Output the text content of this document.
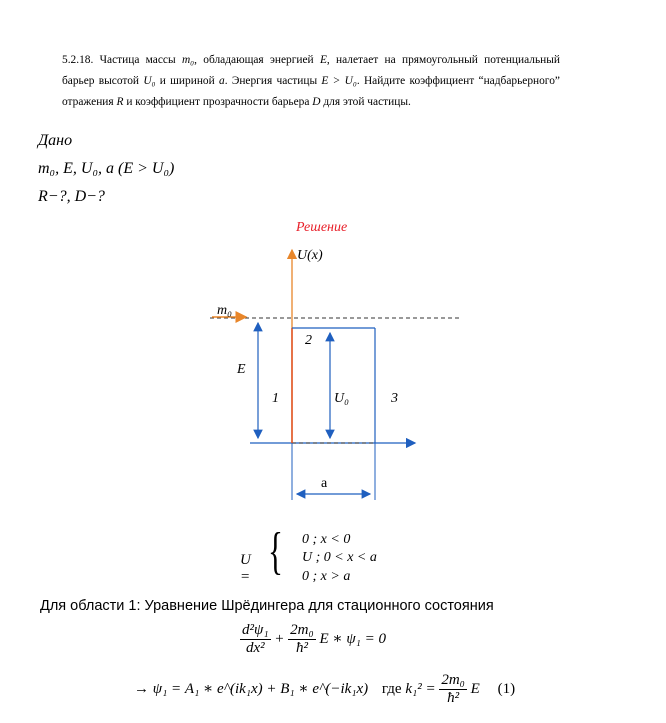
5.2.18. Частица массы m₀, обладающая энергией E, налетает на прямоугольный потенциальный барьер высотой U₀ и шириной a. Энергия частицы E > U₀. Найдите коэффициент “надбарьерного” отражения R и коэффициент прозрачности барьера D для этой частицы.
Дано
m₀, E, U₀, a (E > U₀)
R−?, D−?
Решение
U(x)
m₀
E
2
1	3
U₀
a
U = { 0 ; x < 0
U ; 0 < x < a
0 ; x > a
Для области 1: Уравнение Шрёдингера для стационного состояния
$\frac{\text{d²ψ₁}}{\text{dx²}} + \frac{\text{2m₀}}{\text{ħ²}}$ E ∗ ψ₁ = 0
→ ψ₁ = A₁ ∗ e^(ik₁x) + B₁ ∗ e^(−ik₁x) где $k_1^2 = \frac{\text{2m₀}}{\text{ħ²}}$ E (1)
